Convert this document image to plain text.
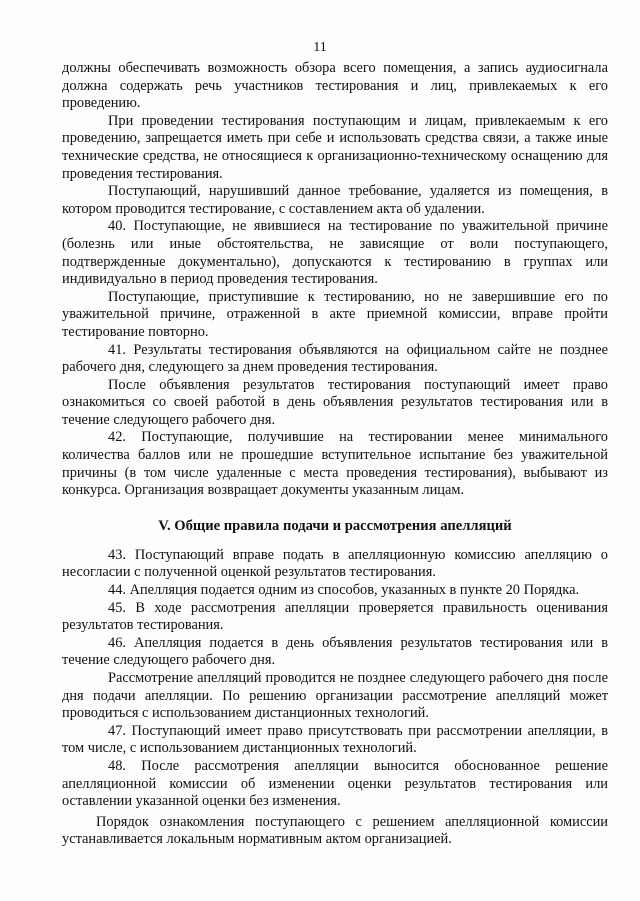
11

должны обеспечивать возможность обзора всего помещения, а запись аудиосигнала должна содержать речь участников тестирования и лиц, привлекаемых к его проведению.

При проведении тестирования поступающим и лицам, привлекаемым к его проведению, запрещается иметь при себе и использовать средства связи, а также иные технические средства, не относящиеся к организационно-техническому оснащению для проведения тестирования.

Поступающий, нарушивший данное требование, удаляется из помещения, в котором проводится тестирование, с составлением акта об удалении.

40. Поступающие, не явившиеся на тестирование по уважительной причине (болезнь или иные обстоятельства, не зависящие от воли поступающего, подтвержденные документально), допускаются к тестированию в группах или индивидуально в период проведения тестирования.

Поступающие, приступившие к тестированию, но не завершившие его по уважительной причине, отраженной в акте приемной комиссии, вправе пройти тестирование повторно.

41. Результаты тестирования объявляются на официальном сайте не позднее рабочего дня, следующего за днем проведения тестирования.

После объявления результатов тестирования поступающий имеет право ознакомиться со своей работой в день объявления результатов тестирования или в течение следующего рабочего дня.

42. Поступающие, получившие на тестировании менее минимального количества баллов или не прошедшие вступительное испытание без уважительной причины (в том числе удаленные с места проведения тестирования), выбывают из конкурса. Организация возвращает документы указанным лицам.

V. Общие правила подачи и рассмотрения апелляций

43. Поступающий вправе подать в апелляционную комиссию апелляцию о несогласии с полученной оценкой результатов тестирования.

44. Апелляция подается одним из способов, указанных в пункте 20 Порядка.

45. В ходе рассмотрения апелляции проверяется правильность оценивания результатов тестирования.

46. Апелляция подается в день объявления результатов тестирования или в течение следующего рабочего дня.

Рассмотрение апелляций проводится не позднее следующего рабочего дня после дня подачи апелляции. По решению организации рассмотрение апелляций может проводиться с использованием дистанционных технологий.

47. Поступающий имеет право присутствовать при рассмотрении апелляции, в том числе, с использованием дистанционных технологий.

48. После рассмотрения апелляции выносится обоснованное решение апелляционной комиссии об изменении оценки результатов тестирования или оставлении указанной оценки без изменения.

Порядок ознакомления поступающего с решением апелляционной комиссии устанавливается локальным нормативным актом организацией.
